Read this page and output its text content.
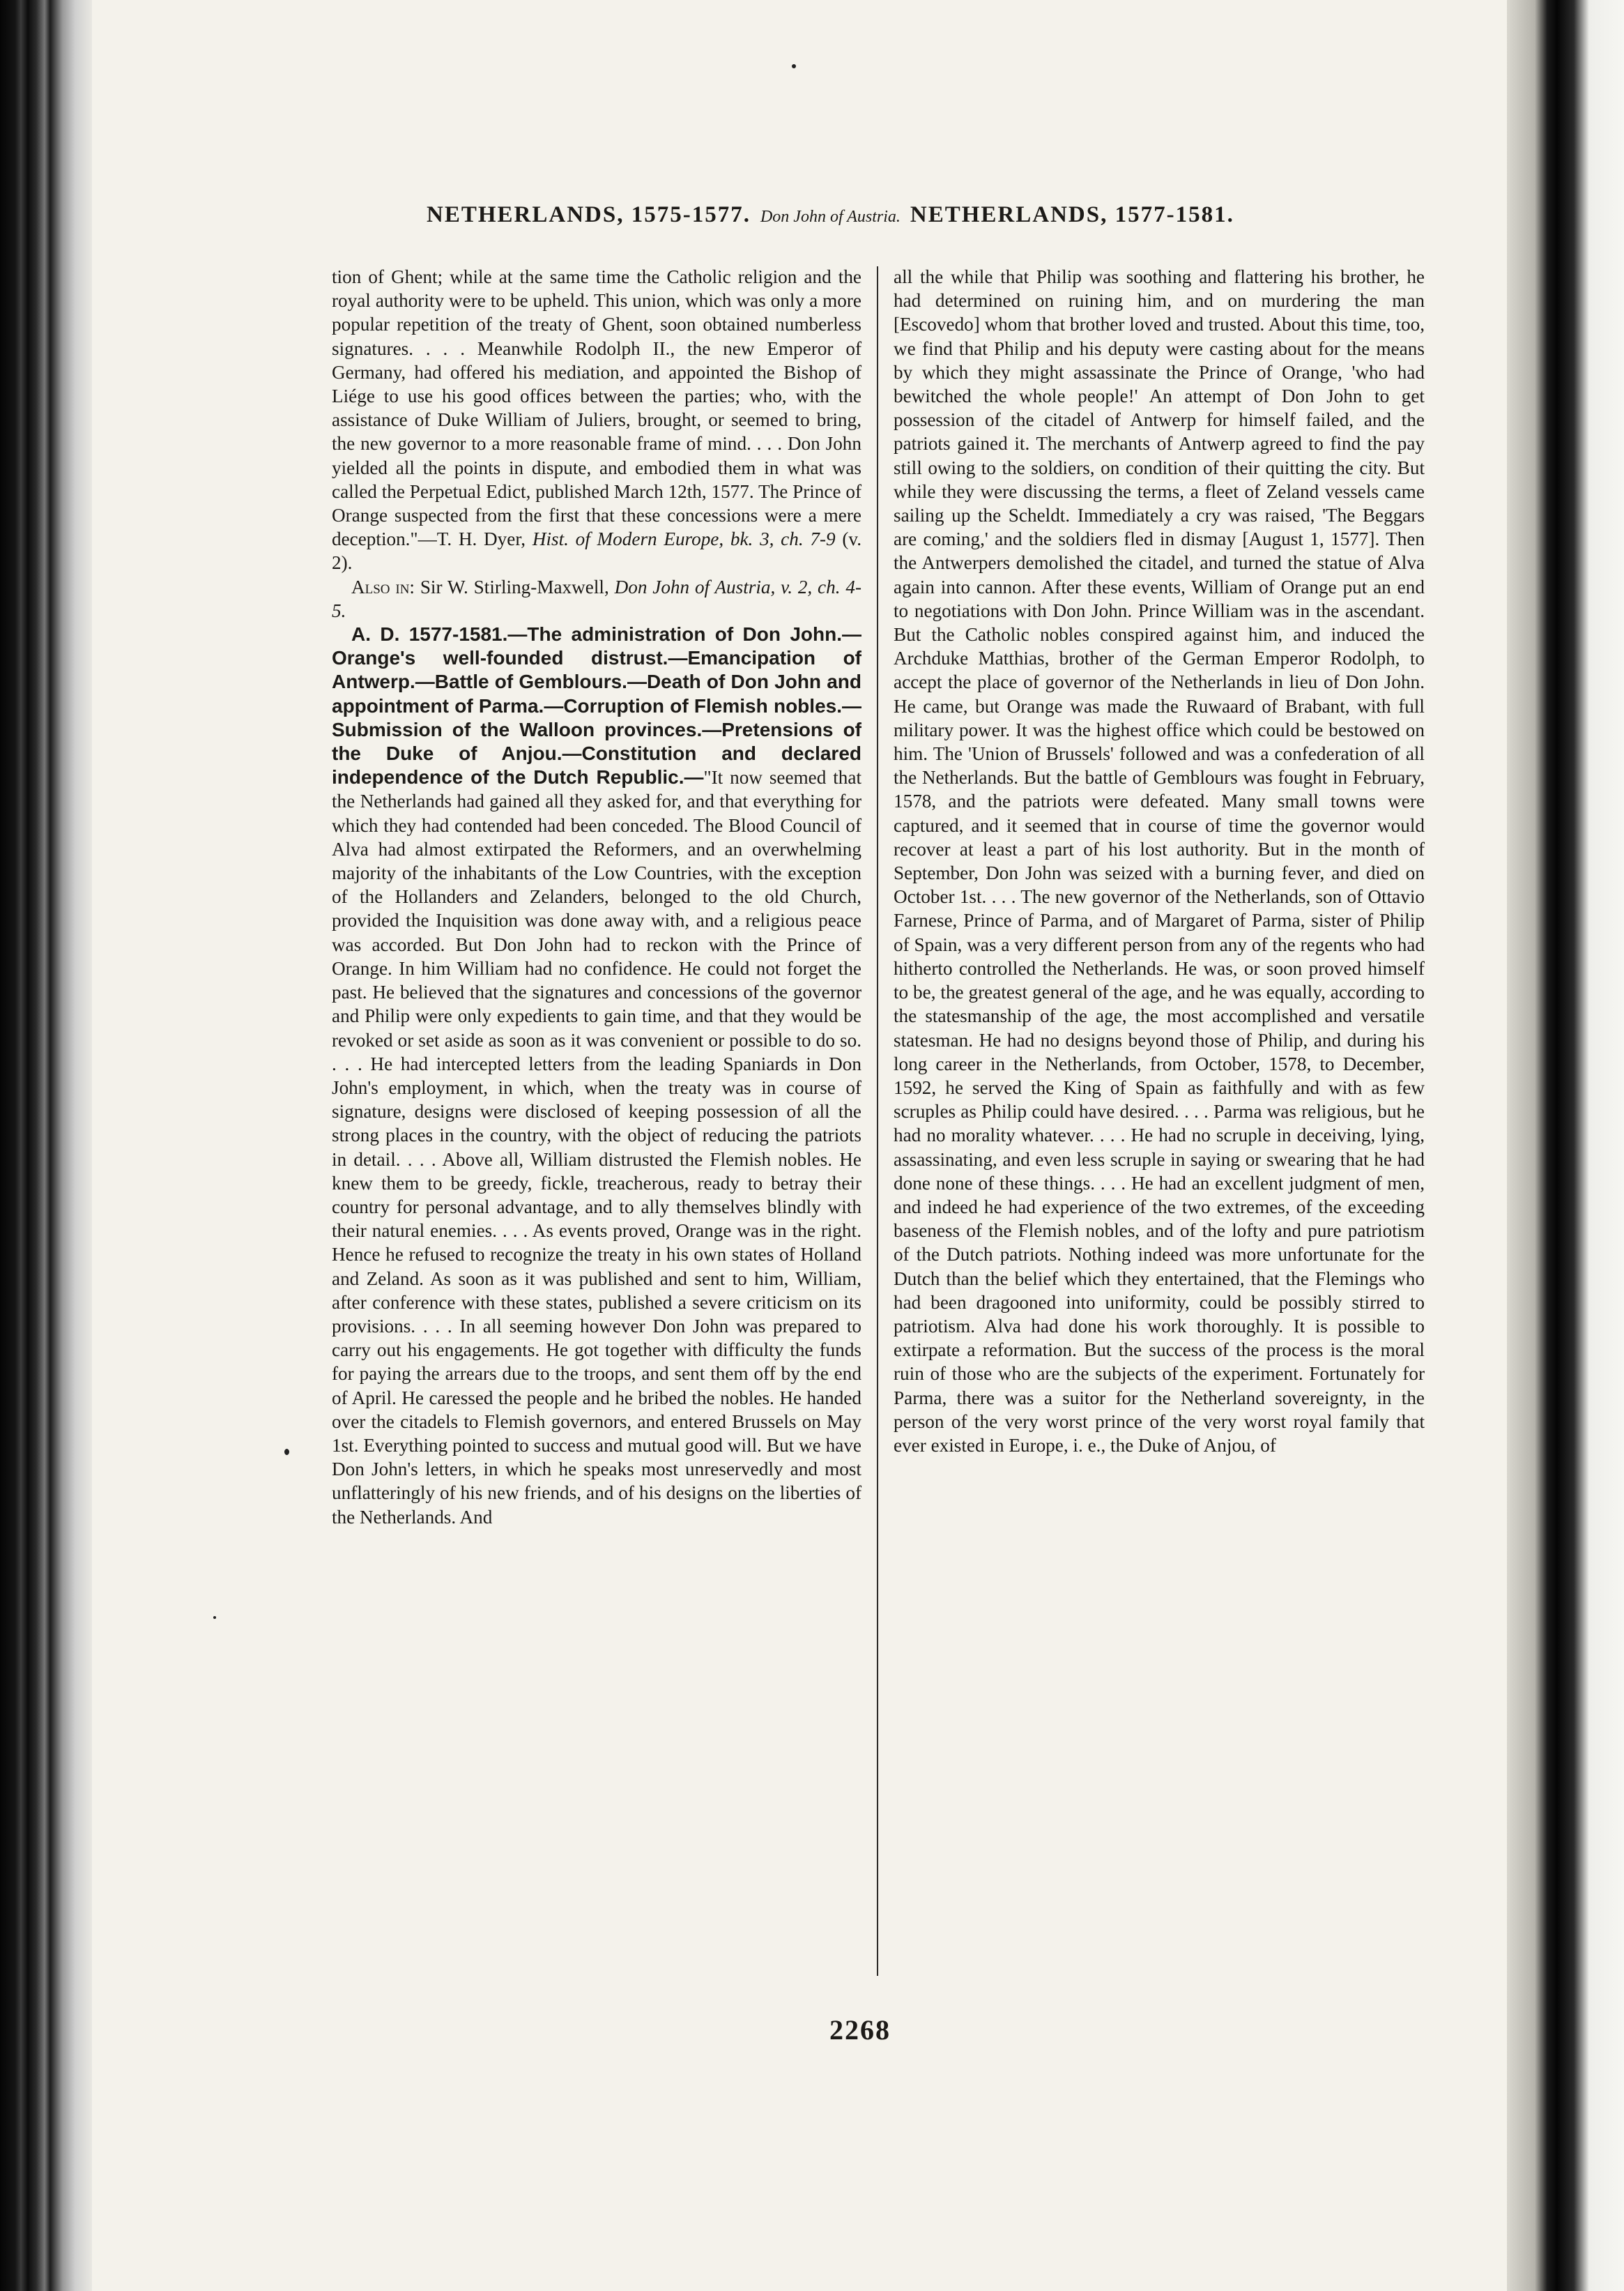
NETHERLANDS, 1575-1577. Don John of Austria. NETHERLANDS, 1577-1581.

tion of Ghent; while at the same time the Catholic religion and the royal authority were to be upheld. This union, which was only a more popular repetition of the treaty of Ghent, soon obtained numberless signatures. . . . Meanwhile Rodolph II., the new Emperor of Germany, had offered his mediation, and appointed the Bishop of Liége to use his good offices between the parties; who, with the assistance of Duke William of Juliers, brought, or seemed to bring, the new governor to a more reasonable frame of mind. . . . Don John yielded all the points in dispute, and embodied them in what was called the Perpetual Edict, published March 12th, 1577. The Prince of Orange suspected from the first that these concessions were a mere deception."—T. H. Dyer, Hist. of Modern Europe, bk. 3, ch. 7-9 (v. 2).

Also in: Sir W. Stirling-Maxwell, Don John of Austria, v. 2, ch. 4-5.

A. D. 1577-1581.—The administration of Don John.—Orange's well-founded distrust.—Emancipation of Antwerp.—Battle of Gemblours.—Death of Don John and appointment of Parma.—Corruption of Flemish nobles.—Submission of the Walloon provinces.—Pretensions of the Duke of Anjou.—Constitution and declared independence of the Dutch Republic.—"It now seemed that the Netherlands had gained all they asked for, and that everything for which they had contended had been conceded. The Blood Council of Alva had almost extirpated the Reformers, and an overwhelming majority of the inhabitants of the Low Countries, with the exception of the Hollanders and Zelanders, belonged to the old Church, provided the Inquisition was done away with, and a religious peace was accorded. But Don John had to reckon with the Prince of Orange. In him William had no confidence. He could not forget the past. He believed that the signatures and concessions of the governor and Philip were only expedients to gain time, and that they would be revoked or set aside as soon as it was convenient or possible to do so. . . . He had intercepted letters from the leading Spaniards in Don John's employment, in which, when the treaty was in course of signature, designs were disclosed of keeping possession of all the strong places in the country, with the object of reducing the patriots in detail. . . . Above all, William distrusted the Flemish nobles. He knew them to be greedy, fickle, treacherous, ready to betray their country for personal advantage, and to ally themselves blindly with their natural enemies. . . . As events proved, Orange was in the right. Hence he refused to recognize the treaty in his own states of Holland and Zeland. As soon as it was published and sent to him, William, after conference with these states, published a severe criticism on its provisions. . . . In all seeming however Don John was prepared to carry out his engagements. He got together with difficulty the funds for paying the arrears due to the troops, and sent them off by the end of April. He caressed the people and he bribed the nobles. He handed over the citadels to Flemish governors, and entered Brussels on May 1st. Everything pointed to success and mutual good will. But we have Don John's letters, in which he speaks most unreservedly and most unflatteringly of his new friends, and of his designs on the liberties of the Netherlands. And

all the while that Philip was soothing and flattering his brother, he had determined on ruining him, and on murdering the man [Escovedo] whom that brother loved and trusted. About this time, too, we find that Philip and his deputy were casting about for the means by which they might assassinate the Prince of Orange, 'who had bewitched the whole people!' An attempt of Don John to get possession of the citadel of Antwerp for himself failed, and the patriots gained it. The merchants of Antwerp agreed to find the pay still owing to the soldiers, on condition of their quitting the city. But while they were discussing the terms, a fleet of Zeland vessels came sailing up the Scheldt. Immediately a cry was raised, 'The Beggars are coming,' and the soldiers fled in dismay [August 1, 1577]. Then the Antwerpers demolished the citadel, and turned the statue of Alva again into cannon. After these events, William of Orange put an end to negotiations with Don John. Prince William was in the ascendant. But the Catholic nobles conspired against him, and induced the Archduke Matthias, brother of the German Emperor Rodolph, to accept the place of governor of the Netherlands in lieu of Don John. He came, but Orange was made the Ruwaard of Brabant, with full military power. It was the highest office which could be bestowed on him. The 'Union of Brussels' followed and was a confederation of all the Netherlands. But the battle of Gemblours was fought in February, 1578, and the patriots were defeated. Many small towns were captured, and it seemed that in course of time the governor would recover at least a part of his lost authority. But in the month of September, Don John was seized with a burning fever, and died on October 1st. . . . The new governor of the Netherlands, son of Ottavio Farnese, Prince of Parma, and of Margaret of Parma, sister of Philip of Spain, was a very different person from any of the regents who had hitherto controlled the Netherlands. He was, or soon proved himself to be, the greatest general of the age, and he was equally, according to the statesmanship of the age, the most accomplished and versatile statesman. He had no designs beyond those of Philip, and during his long career in the Netherlands, from October, 1578, to December, 1592, he served the King of Spain as faithfully and with as few scruples as Philip could have desired. . . . Parma was religious, but he had no morality whatever. . . . He had no scruple in deceiving, lying, assassinating, and even less scruple in saying or swearing that he had done none of these things. . . . He had an excellent judgment of men, and indeed he had experience of the two extremes, of the exceeding baseness of the Flemish nobles, and of the lofty and pure patriotism of the Dutch patriots. Nothing indeed was more unfortunate for the Dutch than the belief which they entertained, that the Flemings who had been dragooned into uniformity, could be possibly stirred to patriotism. Alva had done his work thoroughly. It is possible to extirpate a reformation. But the success of the process is the moral ruin of those who are the subjects of the experiment. Fortunately for Parma, there was a suitor for the Netherland sovereignty, in the person of the very worst prince of the very worst royal family that ever existed in Europe, i. e., the Duke of Anjou, of

2268
